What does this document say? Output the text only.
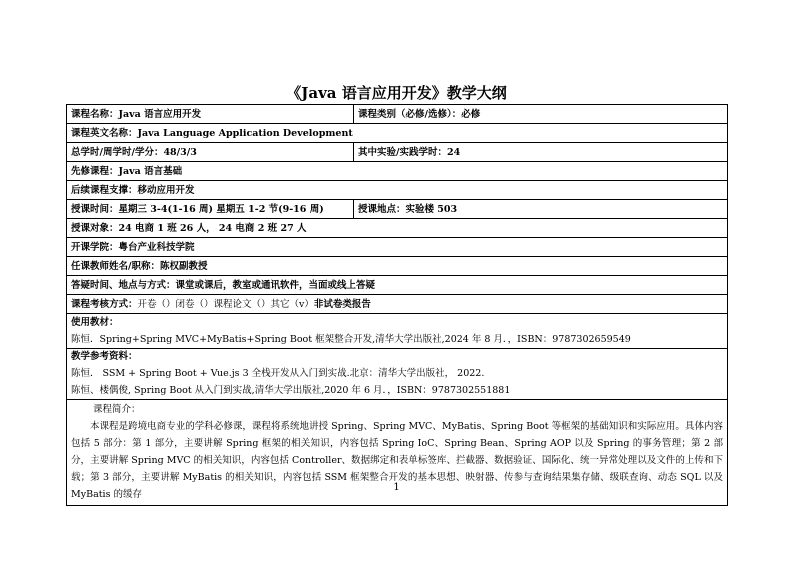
《Java 语言应用开发》教学大纲
课程名称：Java 语言应用开发	课程类别（必修/选修）：必修
课程英文名称：Java Language Application Development	
总学时/周学时/学分：48/3/3	其中实验/实践学时：24
先修课程：Java 语言基础	
后续课程支撑：移动应用开发	
授课时间：星期三 3-4(1-16 周) 星期五 1-2 节(9-16 周)	授课地点：实验楼 503
授课对象：24 电商 1 班 26 人， 24 电商 2 班 27 人	
开课学院：粤台产业科技学院	
任课教师姓名/职称：陈权副教授	
答疑时间、地点与方式：课堂或课后，教室或通讯软件，当面或线上答疑	
课程考核方式：开卷（）闭卷（）课程论文（）其它（v）非试卷类报告	

使用教材：
陈恒．Spring+Spring MVC+MyBatis+Spring Boot 框架整合开发,清华大学出版社,2024 年 8 月．，ISBN：9787302659549	

教学参考资料：
陈恒． SSM + Spring Boot + Vue.js 3 全栈开发从入门到实战.北京：清华大学出版社， 2022.
陈恒、楼偶俊, Spring Boot 从入门到实战,清华大学出版社,2020 年 6 月．，ISBN：9787302551881	

课程简介：
本课程是跨境电商专业的学科必修课，课程将系统地讲授 Spring、Spring MVC、MyBatis、Spring Boot 等框架的基础知识和实际应用。具体内容包括 5 部分：第 1 部分，主要讲解 Spring 框架的相关知识，内容包括 Spring IoC、Spring Bean、Spring AOP 以及 Spring 的事务管理；第 2 部分，主要讲解 Spring MVC 的相关知识，内容包括 Controller、数据绑定和表单标签库、拦截器、数据验证、国际化、统一异常处理以及文件的上传和下载；第 3 部分，主要讲解 MyBatis 的相关知识，内容包括 SSM 框架整合开发的基本思想、映射器、传参与查询结果集存储、级联查询、动态 SQL 以及 MyBatis 的缓存	
1
